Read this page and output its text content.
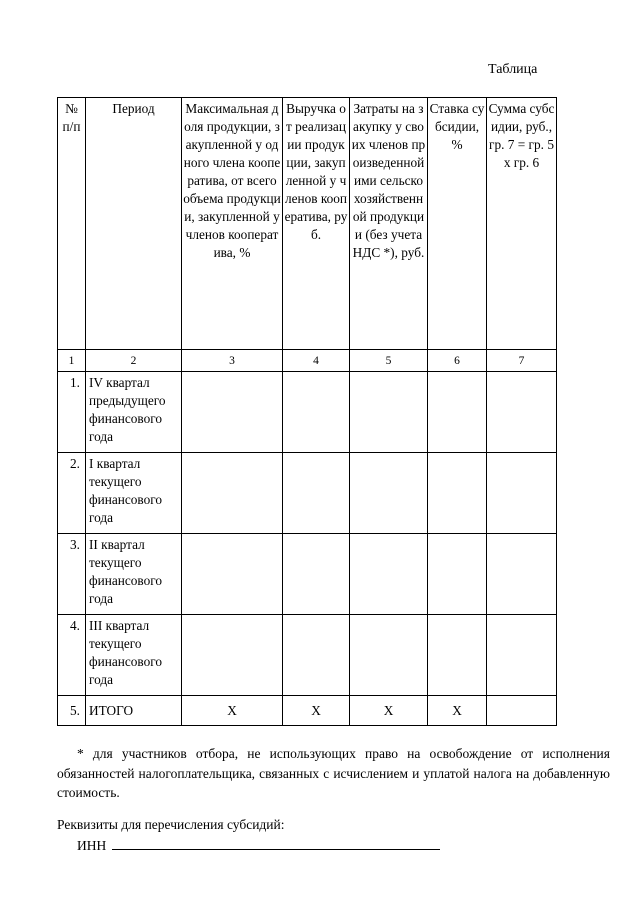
Таблица
№ п/п	Период	Максимальная доля продукции, закупленной у одного члена кооператива, от всего объема продукции, закупленной у членов кооператива, %	Выручка от реализации продукции, закупленной у членов кооператива, руб.	Затраты на закупку у своих членов произведенной ими сельскохозяйственной продукции (без учета НДС *), руб.	Ставка субсидии, %	Сумма субсидии, руб., гр. 7 = гр. 5 х гр. 6
1	2	3	4	5	6	7
1.	IV квартал предыдущего финансового года					
2.	I квартал текущего финансового года					
3.	II квартал текущего финансового года					
4.	III квартал текущего финансового года					
5.	ИТОГО	Х	Х	Х	Х	
* для участников отбора, не использующих право на освобождение от исполнения обязанностей налогоплательщика, связанных с исчислением и уплатой налога на добавленную стоимость.
Реквизиты для перечисления субсидий:
ИНН
